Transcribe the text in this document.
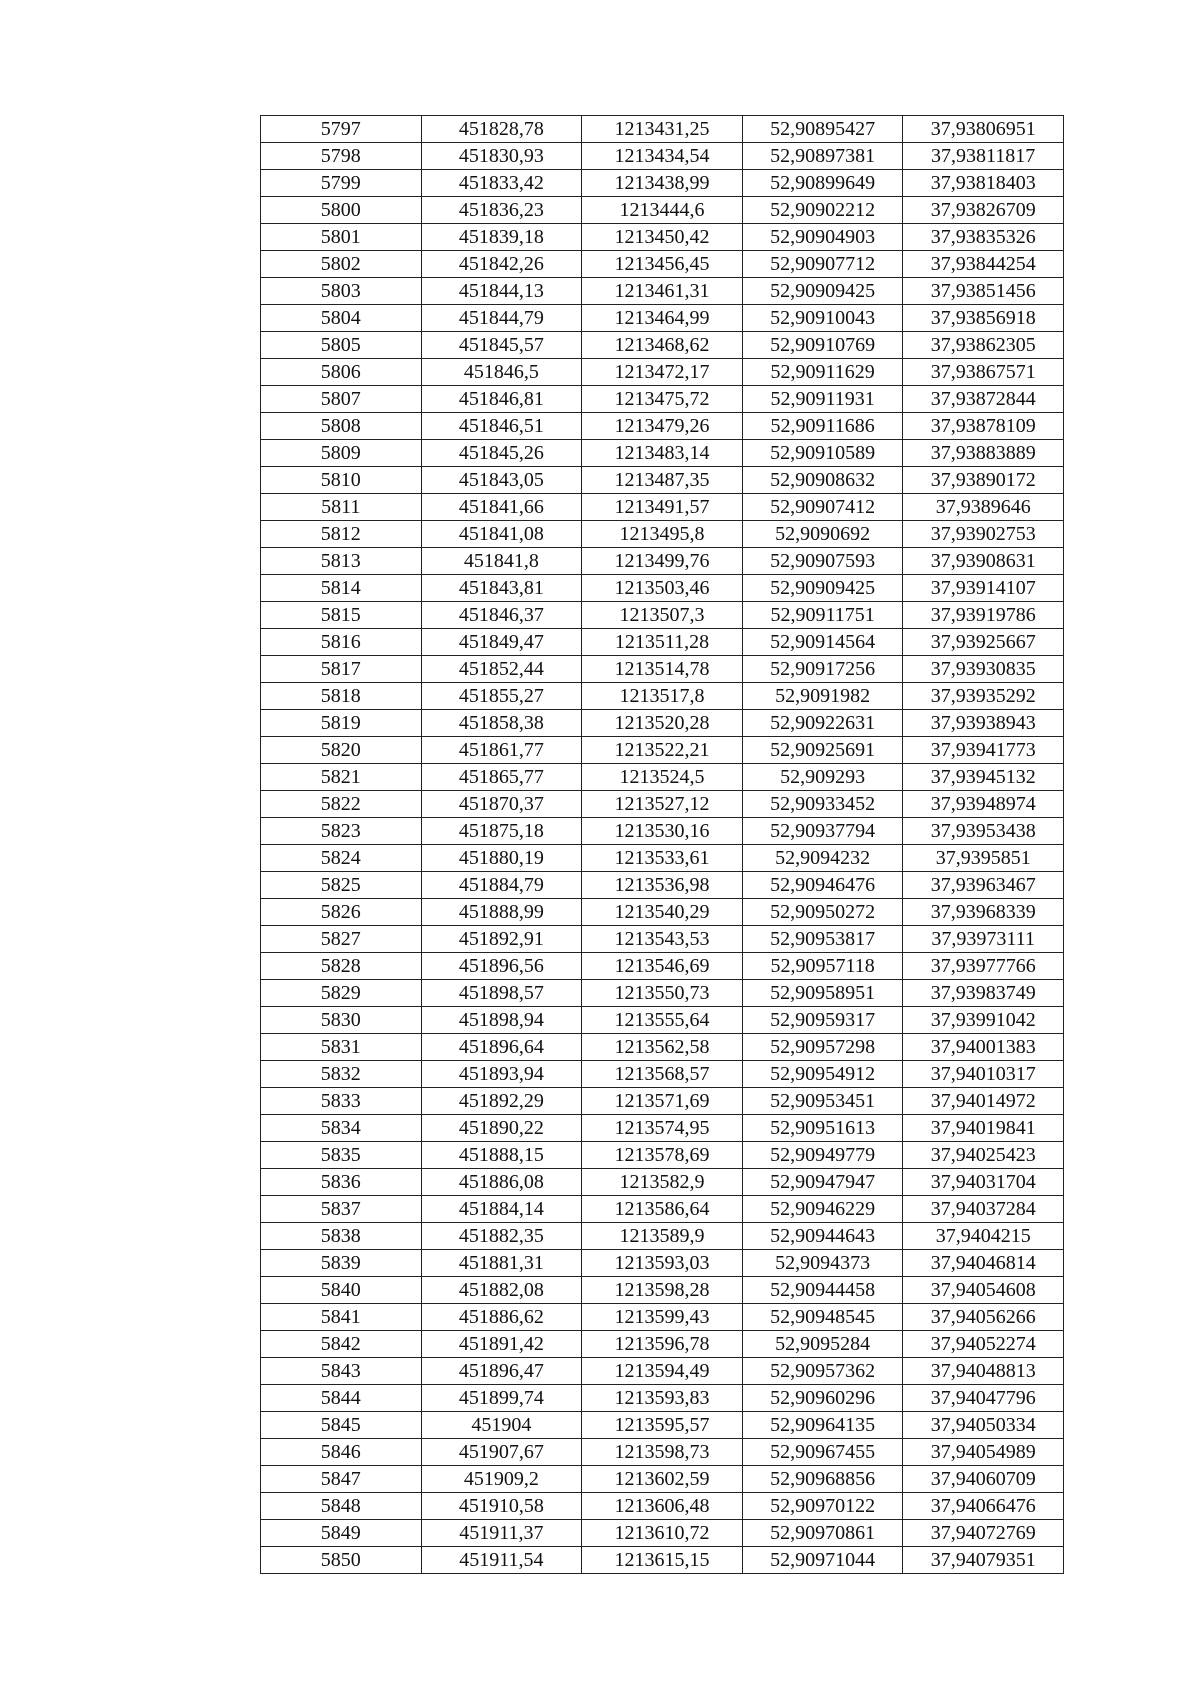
5797	451828,78	1213431,25	52,90895427	37,93806951
5798	451830,93	1213434,54	52,90897381	37,93811817
5799	451833,42	1213438,99	52,90899649	37,93818403
5800	451836,23	1213444,6	52,90902212	37,93826709
5801	451839,18	1213450,42	52,90904903	37,93835326
5802	451842,26	1213456,45	52,90907712	37,93844254
5803	451844,13	1213461,31	52,90909425	37,93851456
5804	451844,79	1213464,99	52,90910043	37,93856918
5805	451845,57	1213468,62	52,90910769	37,93862305
5806	451846,5	1213472,17	52,90911629	37,93867571
5807	451846,81	1213475,72	52,90911931	37,93872844
5808	451846,51	1213479,26	52,90911686	37,93878109
5809	451845,26	1213483,14	52,90910589	37,93883889
5810	451843,05	1213487,35	52,90908632	37,93890172
5811	451841,66	1213491,57	52,90907412	37,9389646
5812	451841,08	1213495,8	52,9090692	37,93902753
5813	451841,8	1213499,76	52,90907593	37,93908631
5814	451843,81	1213503,46	52,90909425	37,93914107
5815	451846,37	1213507,3	52,90911751	37,93919786
5816	451849,47	1213511,28	52,90914564	37,93925667
5817	451852,44	1213514,78	52,90917256	37,93930835
5818	451855,27	1213517,8	52,9091982	37,93935292
5819	451858,38	1213520,28	52,90922631	37,93938943
5820	451861,77	1213522,21	52,90925691	37,93941773
5821	451865,77	1213524,5	52,909293	37,93945132
5822	451870,37	1213527,12	52,90933452	37,93948974
5823	451875,18	1213530,16	52,90937794	37,93953438
5824	451880,19	1213533,61	52,9094232	37,9395851
5825	451884,79	1213536,98	52,90946476	37,93963467
5826	451888,99	1213540,29	52,90950272	37,93968339
5827	451892,91	1213543,53	52,90953817	37,93973111
5828	451896,56	1213546,69	52,90957118	37,93977766
5829	451898,57	1213550,73	52,90958951	37,93983749
5830	451898,94	1213555,64	52,90959317	37,93991042
5831	451896,64	1213562,58	52,90957298	37,94001383
5832	451893,94	1213568,57	52,90954912	37,94010317
5833	451892,29	1213571,69	52,90953451	37,94014972
5834	451890,22	1213574,95	52,90951613	37,94019841
5835	451888,15	1213578,69	52,90949779	37,94025423
5836	451886,08	1213582,9	52,90947947	37,94031704
5837	451884,14	1213586,64	52,90946229	37,94037284
5838	451882,35	1213589,9	52,90944643	37,9404215
5839	451881,31	1213593,03	52,9094373	37,94046814
5840	451882,08	1213598,28	52,90944458	37,94054608
5841	451886,62	1213599,43	52,90948545	37,94056266
5842	451891,42	1213596,78	52,9095284	37,94052274
5843	451896,47	1213594,49	52,90957362	37,94048813
5844	451899,74	1213593,83	52,90960296	37,94047796
5845	451904	1213595,57	52,90964135	37,94050334
5846	451907,67	1213598,73	52,90967455	37,94054989
5847	451909,2	1213602,59	52,90968856	37,94060709
5848	451910,58	1213606,48	52,90970122	37,94066476
5849	451911,37	1213610,72	52,90970861	37,94072769
5850	451911,54	1213615,15	52,90971044	37,94079351
